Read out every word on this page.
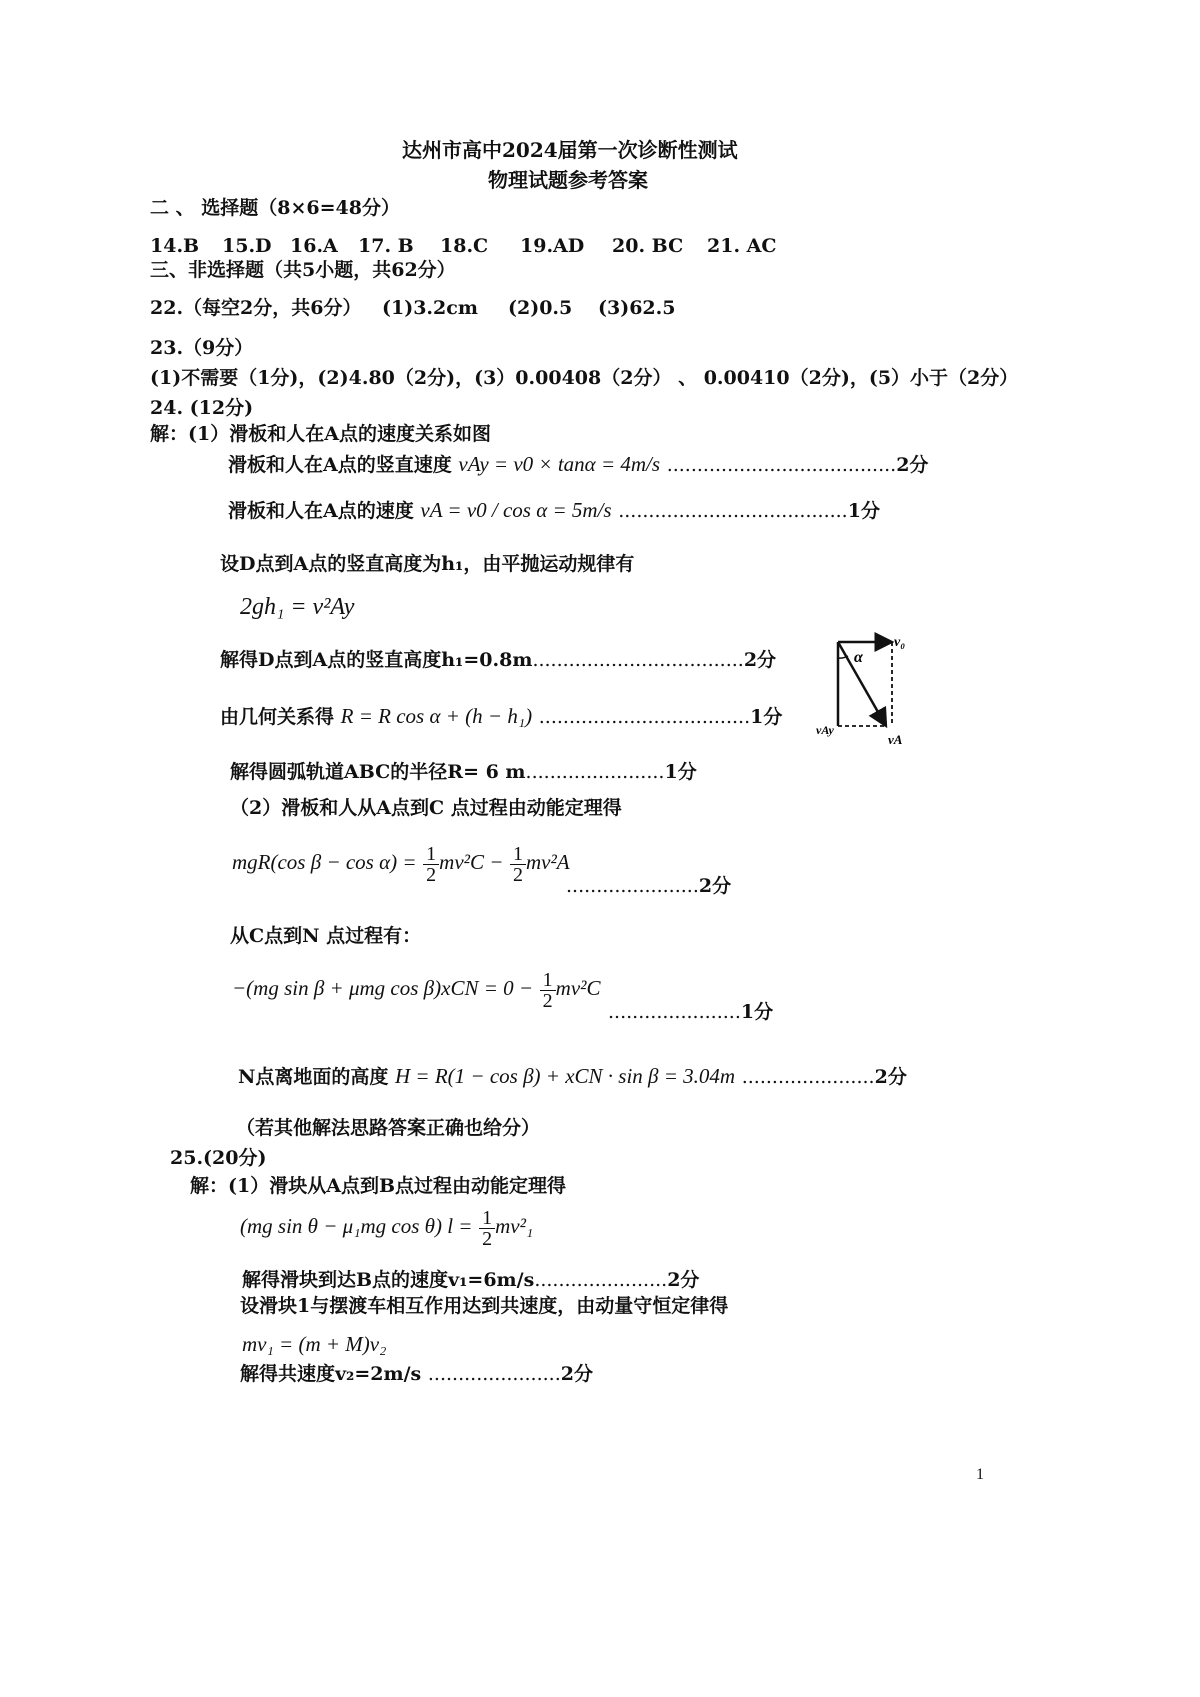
达州市高中2024届第一次诊断性测试
物理试题参考答案
二 、 选择题（8×6=48分）
14.B 15.D 16.A 17. B 18.C 19.AD 20. BC 21. AC
三、非选择题（共5小题，共62分）
22.（每空2分，共6分） (1)3.2cm (2)0.5 (3)62.5
23.（9分）
(1)不需要（1分)，(2)4.80（2分)，(3）0.00408（2分） 、 0.00410（2分)，(5）小于（2分）
24. (12分)
解：(1）滑板和人在A点的速度关系如图
滑板和人在A点的竖直速度 vAy = v0 × tanα = 4m/s ......................................2分
滑板和人在A点的速度 vA = v0 / cos α = 5m/s ......................................1分
设D点到A点的竖直高度为h₁，由平抛运动规律有
2gh₁ = v²Ay
解得D点到A点的竖直高度h₁=0.8m...................................2分
由几何关系得 R = R cos α + (h − h₁) ...................................1分
解得圆弧轨道ABC的半径R= 6 m.......................1分
（2）滑板和人从A点到C 点过程由动能定理得
mgR(cos $\beta - \cos \alpha) = \frac{1}{2} mv^2C - \frac{1}{2} mv^2A$
......................2分
从C点到N 点过程有：
−(mg sin β + μmg $\cos \beta)xCN = 0 - \frac{1}{2} mv^2C$
......................1分
N点离地面的高度 H = R(1 − cos β) + xCN · sin β = 3.04m ......................2分
（若其他解法思路答案正确也给分）
25.(20分)
解：(1）滑块从A点到B点过程由动能定理得
(mg sin θ − μ₁mg cos θ) $l = \frac{1}{2} mv^2_1$
解得滑块到达B点的速度v₁=6m/s......................2分
设滑块1与摆渡车相互作用达到共速度，由动量守恒定律得
mv₁ = (m + M)v₂
解得共速度v₂=2m/s ......................2分
v₀
α
vAy
vA
1
